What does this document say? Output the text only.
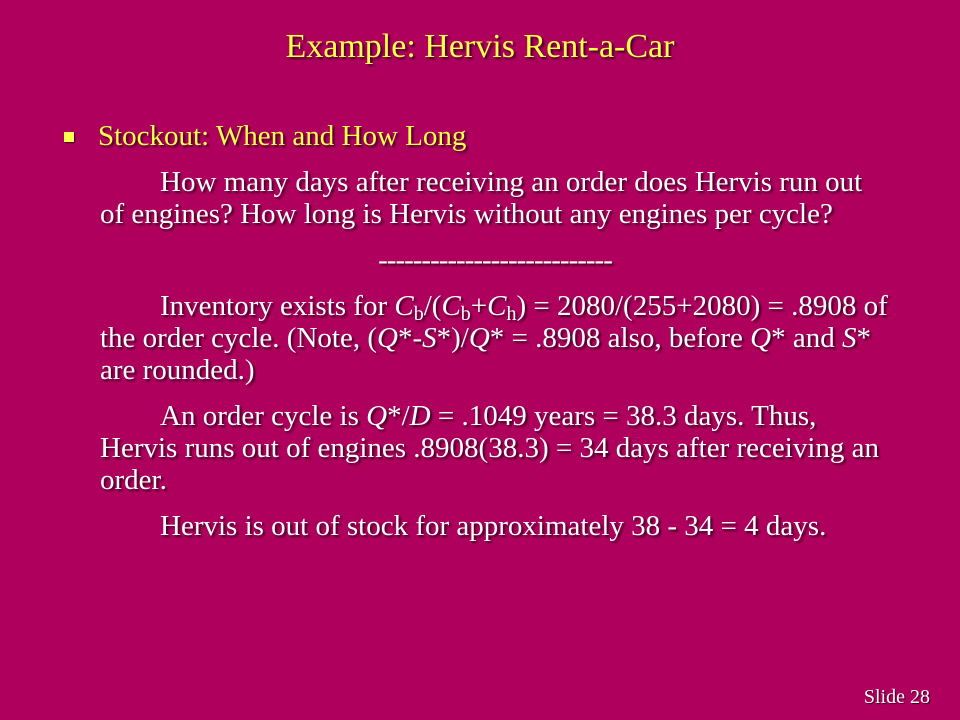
Example: Hervis Rent-a-Car
Stockout: When and How Long

How many days after receiving an order does Hervis run out of engines? How long is Hervis without any engines per cycle?

---------------------------

Inventory exists for $C_b/(C_b+C_h) = 2080/(255+2080) = .8908$ of the order cycle. (Note, (Q*-S*)/Q* = .8908 also, before Q* and S* are rounded.)

An order cycle is Q*/D = .1049 years = 38.3 days. Thus, Hervis runs out of engines .8908(38.3) = 34 days after receiving an order.

Hervis is out of stock for approximately 38 - 34 = 4 days.

Slide 28
